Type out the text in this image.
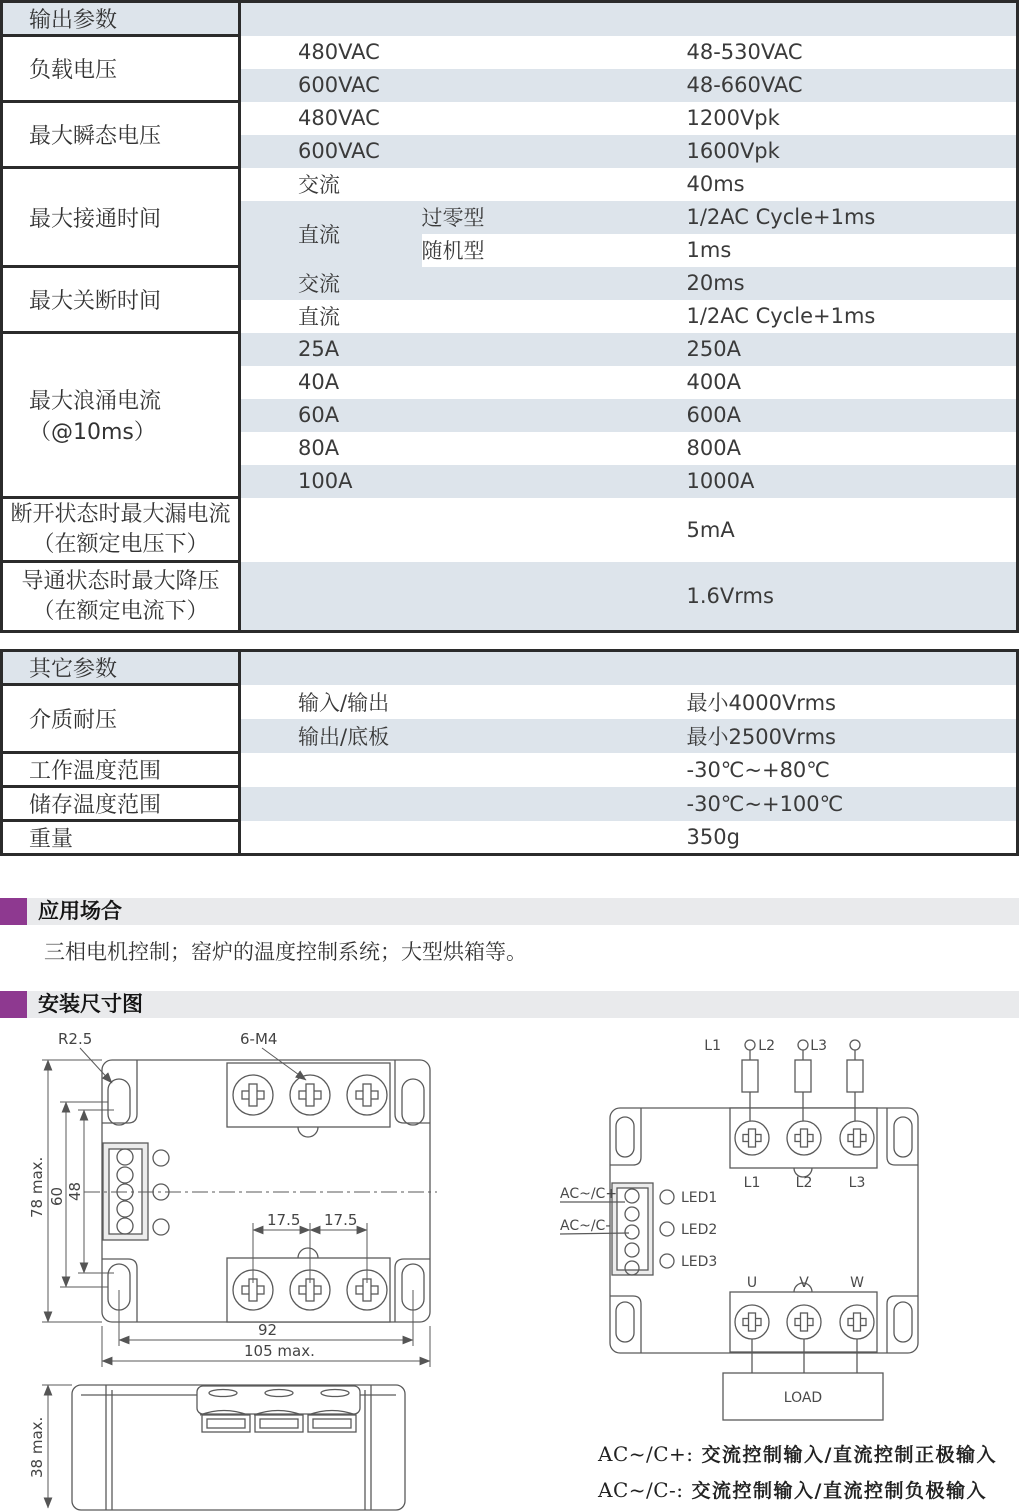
输出参数			
负载电压	480VAC		48-530VAC
	600VAC		48-660VAC
最大瞬态电压	480VAC		1200Vpk
	600VAC		1600Vpk
最大接通时间	交流		40ms
	直流	过零型	1/2AC Cycle+1ms
		随机型	1ms
最大关断时间	交流		20ms
	直流		1/2AC Cycle+1ms
最大浪涌电流（@10ms）	25A		250A
	40A		400A
	60A		600A
	80A		800A
	100A		1000A

断开状态时最大漏电流
（在额定电压下）			5mA

导通状态时最大降压
（在额定电流下）			1.6Vrms
其它参数		
介质耐压	输入/输出	最小4000Vrms
	输出/底板	最小2500Vrms
工作温度范围		-30℃~+80℃
储存温度范围		-30℃~+100℃
重量		350g
应用场合
三相电机控制；窑炉的温度控制系统；大型烘箱等。
安装尺寸图
R2.5	6-M4
78 max. 60 48
17.5 17.5
92
105 max.
38 max.
L1	L2	L3
L1	L2	L3
AC~/C+
AC~/C-
LED1
LED2
LED3
U	V	W
LOAD
AC~/C+: 交流控制输入/直流控制正极输入
AC~/C-: 交流控制输入/直流控制负极输入
